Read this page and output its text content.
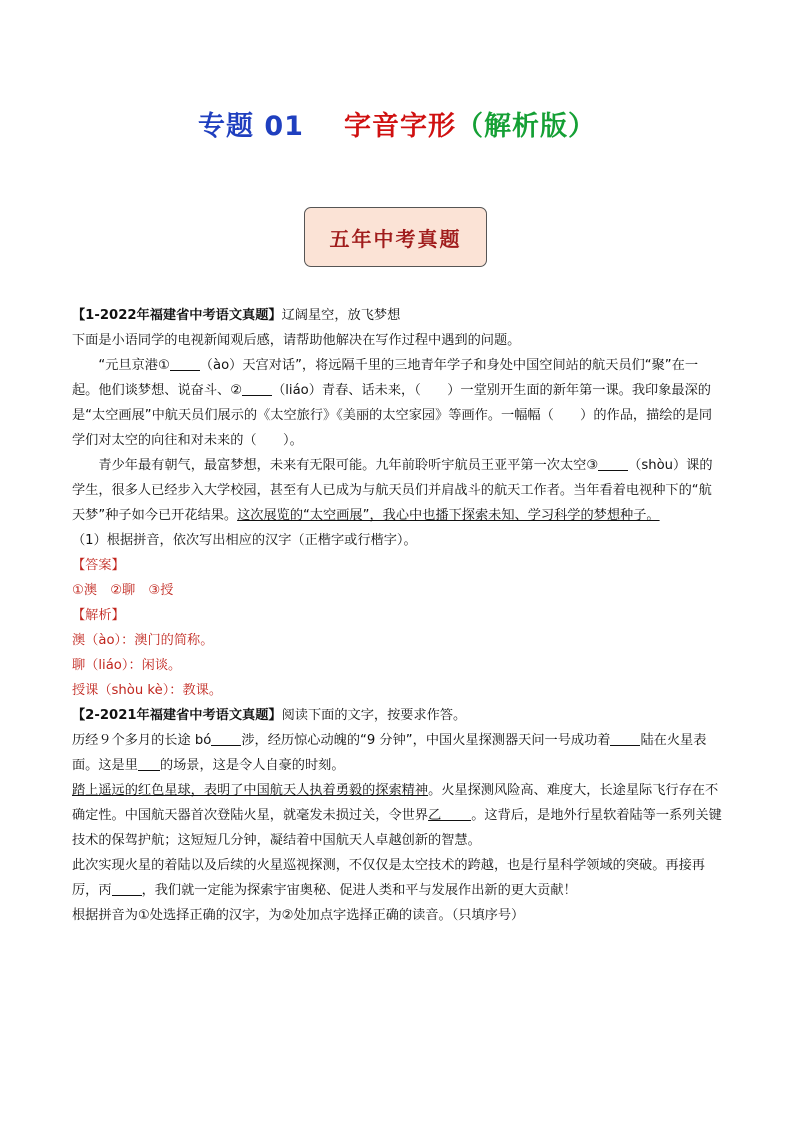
专题 01 字音字形（解析版）
五年中考真题

【1-2022年福建省中考语文真题】辽阔星空，放飞梦想

下面是小语同学的电视新闻观后感，请帮助他解决在写作过程中遇到的问题。

“元旦京港① （ào）天宫对话”，将远隔千里的三地青年学子和身处中国空间站的航天员们“聚”在一起。他们谈梦想、说奋斗、② （liáo）青春、话未来，（　　）一堂别开生面的新年第一课。我印象最深的是“太空画展”中航天员们展示的《太空旅行》《美丽的太空家园》等画作。一幅幅（　　）的作品，描绘的是同学们对太空的向往和对未来的（　　）。

青少年最有朝气，最富梦想，未来有无限可能。九年前聆听宇航员王亚平第一次太空③ （shòu）课的学生，很多人已经步入大学校园，甚至有人已成为与航天员们并肩战斗的航天工作者。当年看着电视种下的“航天梦”种子如今已开花结果。这次展览的“太空画展”，我心中也播下探索未知、学习科学的梦想种子。

（1）根据拼音，依次写出相应的汉字（正楷字或行楷字）。

【答案】

①澳　②聊　③授

【解析】

澳（ào）：澳门的简称。

聊（liáo）：闲谈。

授课（shòu kè）：教课。

【2-2021年福建省中考语文真题】阅读下面的文字，按要求作答。

历经９个多月的长途 bó 涉，经历惊心动魄的“9 分钟”，中国火星探测器天问一号成功着 陆在火星表面。这是里 的场景，这是令人自豪的时刻。

踏上遥远的红色星球，表明了中国航天人执着勇毅的探索精神。火星探测风险高、难度大，长途星际飞行存在不确定性。中国航天器首次登陆火星，就毫发未损过关，令世界乙 。这背后，是地外行星软着陆等一系列关键技术的保驾护航；这短短几分钟，凝结着中国航天人卓越创新的智慧。

此次实现火星的着陆以及后续的火星巡视探测，不仅仅是太空技术的跨越，也是行星科学领域的突破。再接再厉，丙 ，我们就一定能为探索宇宙奥秘、促进人类和平与发展作出新的更大贡献！

根据拼音为①处选择正确的汉字，为②处加点字选择正确的读音。（只填序号）
